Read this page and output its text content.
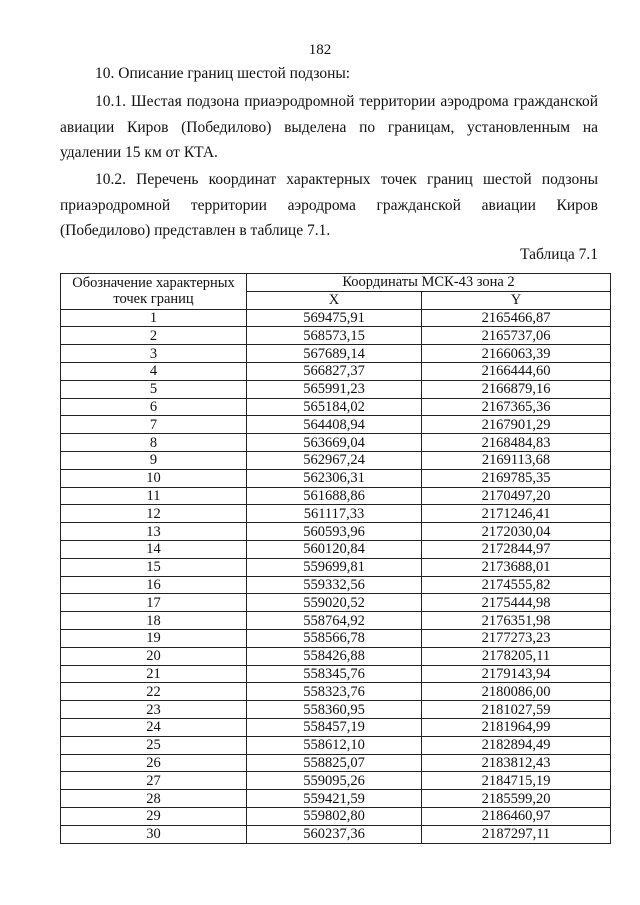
182
10. Описание границ шестой подзоны:

10.1. Шестая подзона приаэродромной территории аэродрома гражданской авиации Киров (Победилово) выделена по границам, установленным на удалении 15 км от КТА.

10.2. Перечень координат характерных точек границ шестой подзоны приаэродромной территории аэродрома гражданской авиации Киров (Победилово) представлен в таблице 7.1.

Таблица 7.1
Обозначение характерных
точек границ	Координаты МСК-43 зона 2	
	X	Y
1	569475,91	2165466,87
2	568573,15	2165737,06
3	567689,14	2166063,39
4	566827,37	2166444,60
5	565991,23	2166879,16
6	565184,02	2167365,36
7	564408,94	2167901,29
8	563669,04	2168484,83
9	562967,24	2169113,68
10	562306,31	2169785,35
11	561688,86	2170497,20
12	561117,33	2171246,41
13	560593,96	2172030,04
14	560120,84	2172844,97
15	559699,81	2173688,01
16	559332,56	2174555,82
17	559020,52	2175444,98
18	558764,92	2176351,98
19	558566,78	2177273,23
20	558426,88	2178205,11
21	558345,76	2179143,94
22	558323,76	2180086,00
23	558360,95	2181027,59
24	558457,19	2181964,99
25	558612,10	2182894,49
26	558825,07	2183812,43
27	559095,26	2184715,19
28	559421,59	2185599,20
29	559802,80	2186460,97
30	560237,36	2187297,11
